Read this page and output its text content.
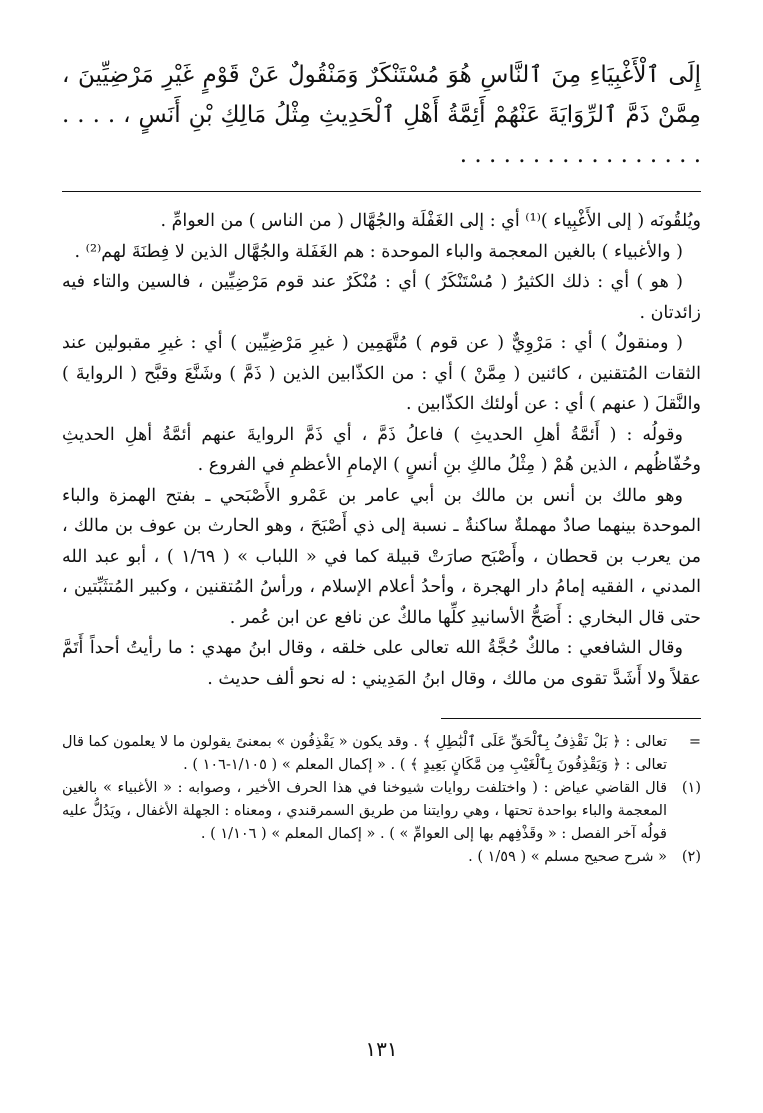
إِلَى ٱلْأَغْبِيَاءِ مِنَ ٱلنَّاسِ هُوَ مُسْتَنْكَرٌ وَمَنْقُولٌ عَنْ قَوْمٍ غَيْرِ مَرْضِيِّينَ ، مِمَّنْ ذَمَّ ٱلرِّوَايَةَ عَنْهُمْ أَئِمَّةُ أَهْلِ ٱلْحَدِيثِ مِثْلُ مَالِكِ بْنِ أَنَسٍ ، . . . . . . . . . . . . . . . . . . . . .

ويُلقُونَه ( إلى الأَغْبِياء )⁽¹⁾ أي : إلى الغَفْلَة والجُهَّال ( من الناس ) من العوامِّ .

( والأغبياء ) بالغين المعجمة والباء الموحدة : هم الغَفَلة والجُهَّال الذين لا فِطنَةَ لهم⁽²⁾ .

( هو ) أي : ذلك الكثيرُ ( مُسْتَنْكَرٌ ) أي : مُنْكَرٌ عند قوم مَرْضِيِّين ، فالسين والتاء فيه زائدتان .

( ومنقولٌ ) أي : مَرْوِيٌّ ( عن قوم ) مُتَّهَمِين ( غيرِ مَرْضِيِّين ) أي : غيرِ مقبولين عند الثقات المُتقنين ، كائنين ( مِمَّنْ ) أي : من الكذّابين الذين ( ذَمَّ ) وشَنَّعَ وقبَّح ( الروايةَ ) والنَّقلَ ( عنهم ) أي : عن أولئك الكذّابين .

وقولُه : ( أَئمَّةُ أهلِ الحديثِ ) فاعلُ ذَمَّ ، أي ذَمَّ الروايةَ عنهم أئمَّةُ أهلِ الحديثِ وحُفّاظُهم ، الذين هُمْ ( مِثْلُ مالكِ بنِ أنسٍ ) الإمامِ الأعظمِ في الفروع .

وهو مالك بن أنس بن مالك بن أبي عامر بن عَمْرو الأَصْبَحي ـ بفتح الهمزة والباء الموحدة بينهما صادٌ مهملةٌ ساكنةٌ ـ نسبة إلى ذي أَصْبَحَ ، وهو الحارث بن عوف بن مالك ، من يعرب بن قحطان ، وأَصْبَح صارَتْ قبيلة كما في « اللباب » ( ١/٦٩ ) ، أبو عبد الله المدني ، الفقيه إمامُ دار الهجرة ، وأحدُ أعلام الإسلام ، ورأسُ المُتقنين ، وكبير المُتثَبِّتين ، حتى قال البخاري : أَصَحُّ الأسانيدِ كلِّها مالكٌ عن نافع عن ابن عُمر .

وقال الشافعي : مالكٌ حُجَّةُ الله تعالى على خلقه ، وقال ابنُ مهدي : ما رأيتُ أحداً أَتَمَّ عقلاً ولا أَشَدَّ تقوى من مالك ، وقال ابنُ المَدِيني : له نحو ألف حديث .

=
تعالى : ﴿ بَلْ نَقْذِفُ بِٱلْحَقِّ عَلَى ٱلْبَٰطِلِ ﴾ . وقد يكون « يَقْذِفُون » بمعنىً يقولون ما لا يعلمون كما قال تعالى : ﴿ وَيَقْذِفُونَ بِٱلْغَيْبِ مِن مَّكَانٍ بَعِيدٍ ﴾ ) . « إكمال المعلم » ( ١/١٠٥-١٠٦ ) .
(١)
قال القاضي عياض : ( واختلفت روايات شيوخنا في هذا الحرف الأخير ، وصوابه : « الأغبياء » بالغين المعجمة والباء بواحدة تحتها ، وهي روايتنا من طريق السمرقندي ، ومعناه : الجهلة الأغفال ، ويَدُلُّ عليه قولُه آخر الفصل : « وقَذْفِهم بها إلى العوامِّ » ) . « إكمال المعلم » ( ١/١٠٦ ) .
(٢)
« شرح صحيح مسلم » ( ١/٥٩ ) .
١٣١
